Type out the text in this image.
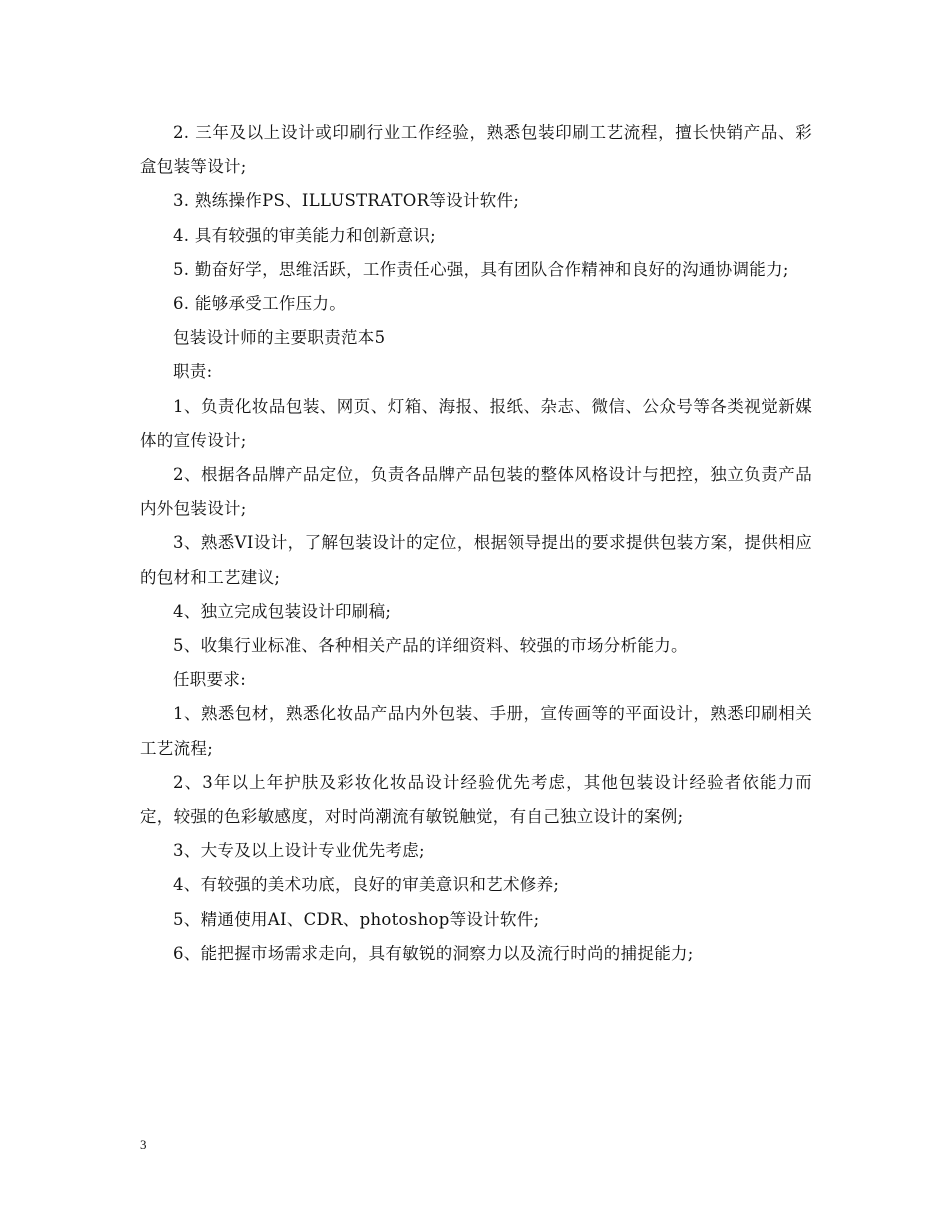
2. 三年及以上设计或印刷行业工作经验，熟悉包装印刷工艺流程，擅长快销产品、彩盒包装等设计;

3. 熟练操作PS、ILLUSTRATOR等设计软件;

4. 具有较强的审美能力和创新意识;

5. 勤奋好学，思维活跃，工作责任心强，具有团队合作精神和良好的沟通协调能力;

6. 能够承受工作压力。

包装设计师的主要职责范本5

职责:

1、负责化妆品包装、网页、灯箱、海报、报纸、杂志、微信、公众号等各类视觉新媒体的宣传设计;

2、根据各品牌产品定位，负责各品牌产品包装的整体风格设计与把控，独立负责产品内外包装设计;

3、熟悉VI设计，了解包装设计的定位，根据领导提出的要求提供包装方案，提供相应的包材和工艺建议;

4、独立完成包装设计印刷稿;

5、收集行业标准、各种相关产品的详细资料、较强的市场分析能力。

任职要求:

1、熟悉包材，熟悉化妆品产品内外包装、手册，宣传画等的平面设计，熟悉印刷相关工艺流程;

2、3年以上年护肤及彩妆化妆品设计经验优先考虑，其他包装设计经验者依能力而定，较强的色彩敏感度，对时尚潮流有敏锐触觉，有自己独立设计的案例;

3、大专及以上设计专业优先考虑;

4、有较强的美术功底，良好的审美意识和艺术修养;

5、精通使用AI、CDR、photoshop等设计软件;

6、能把握市场需求走向，具有敏锐的洞察力以及流行时尚的捕捉能力;

3
